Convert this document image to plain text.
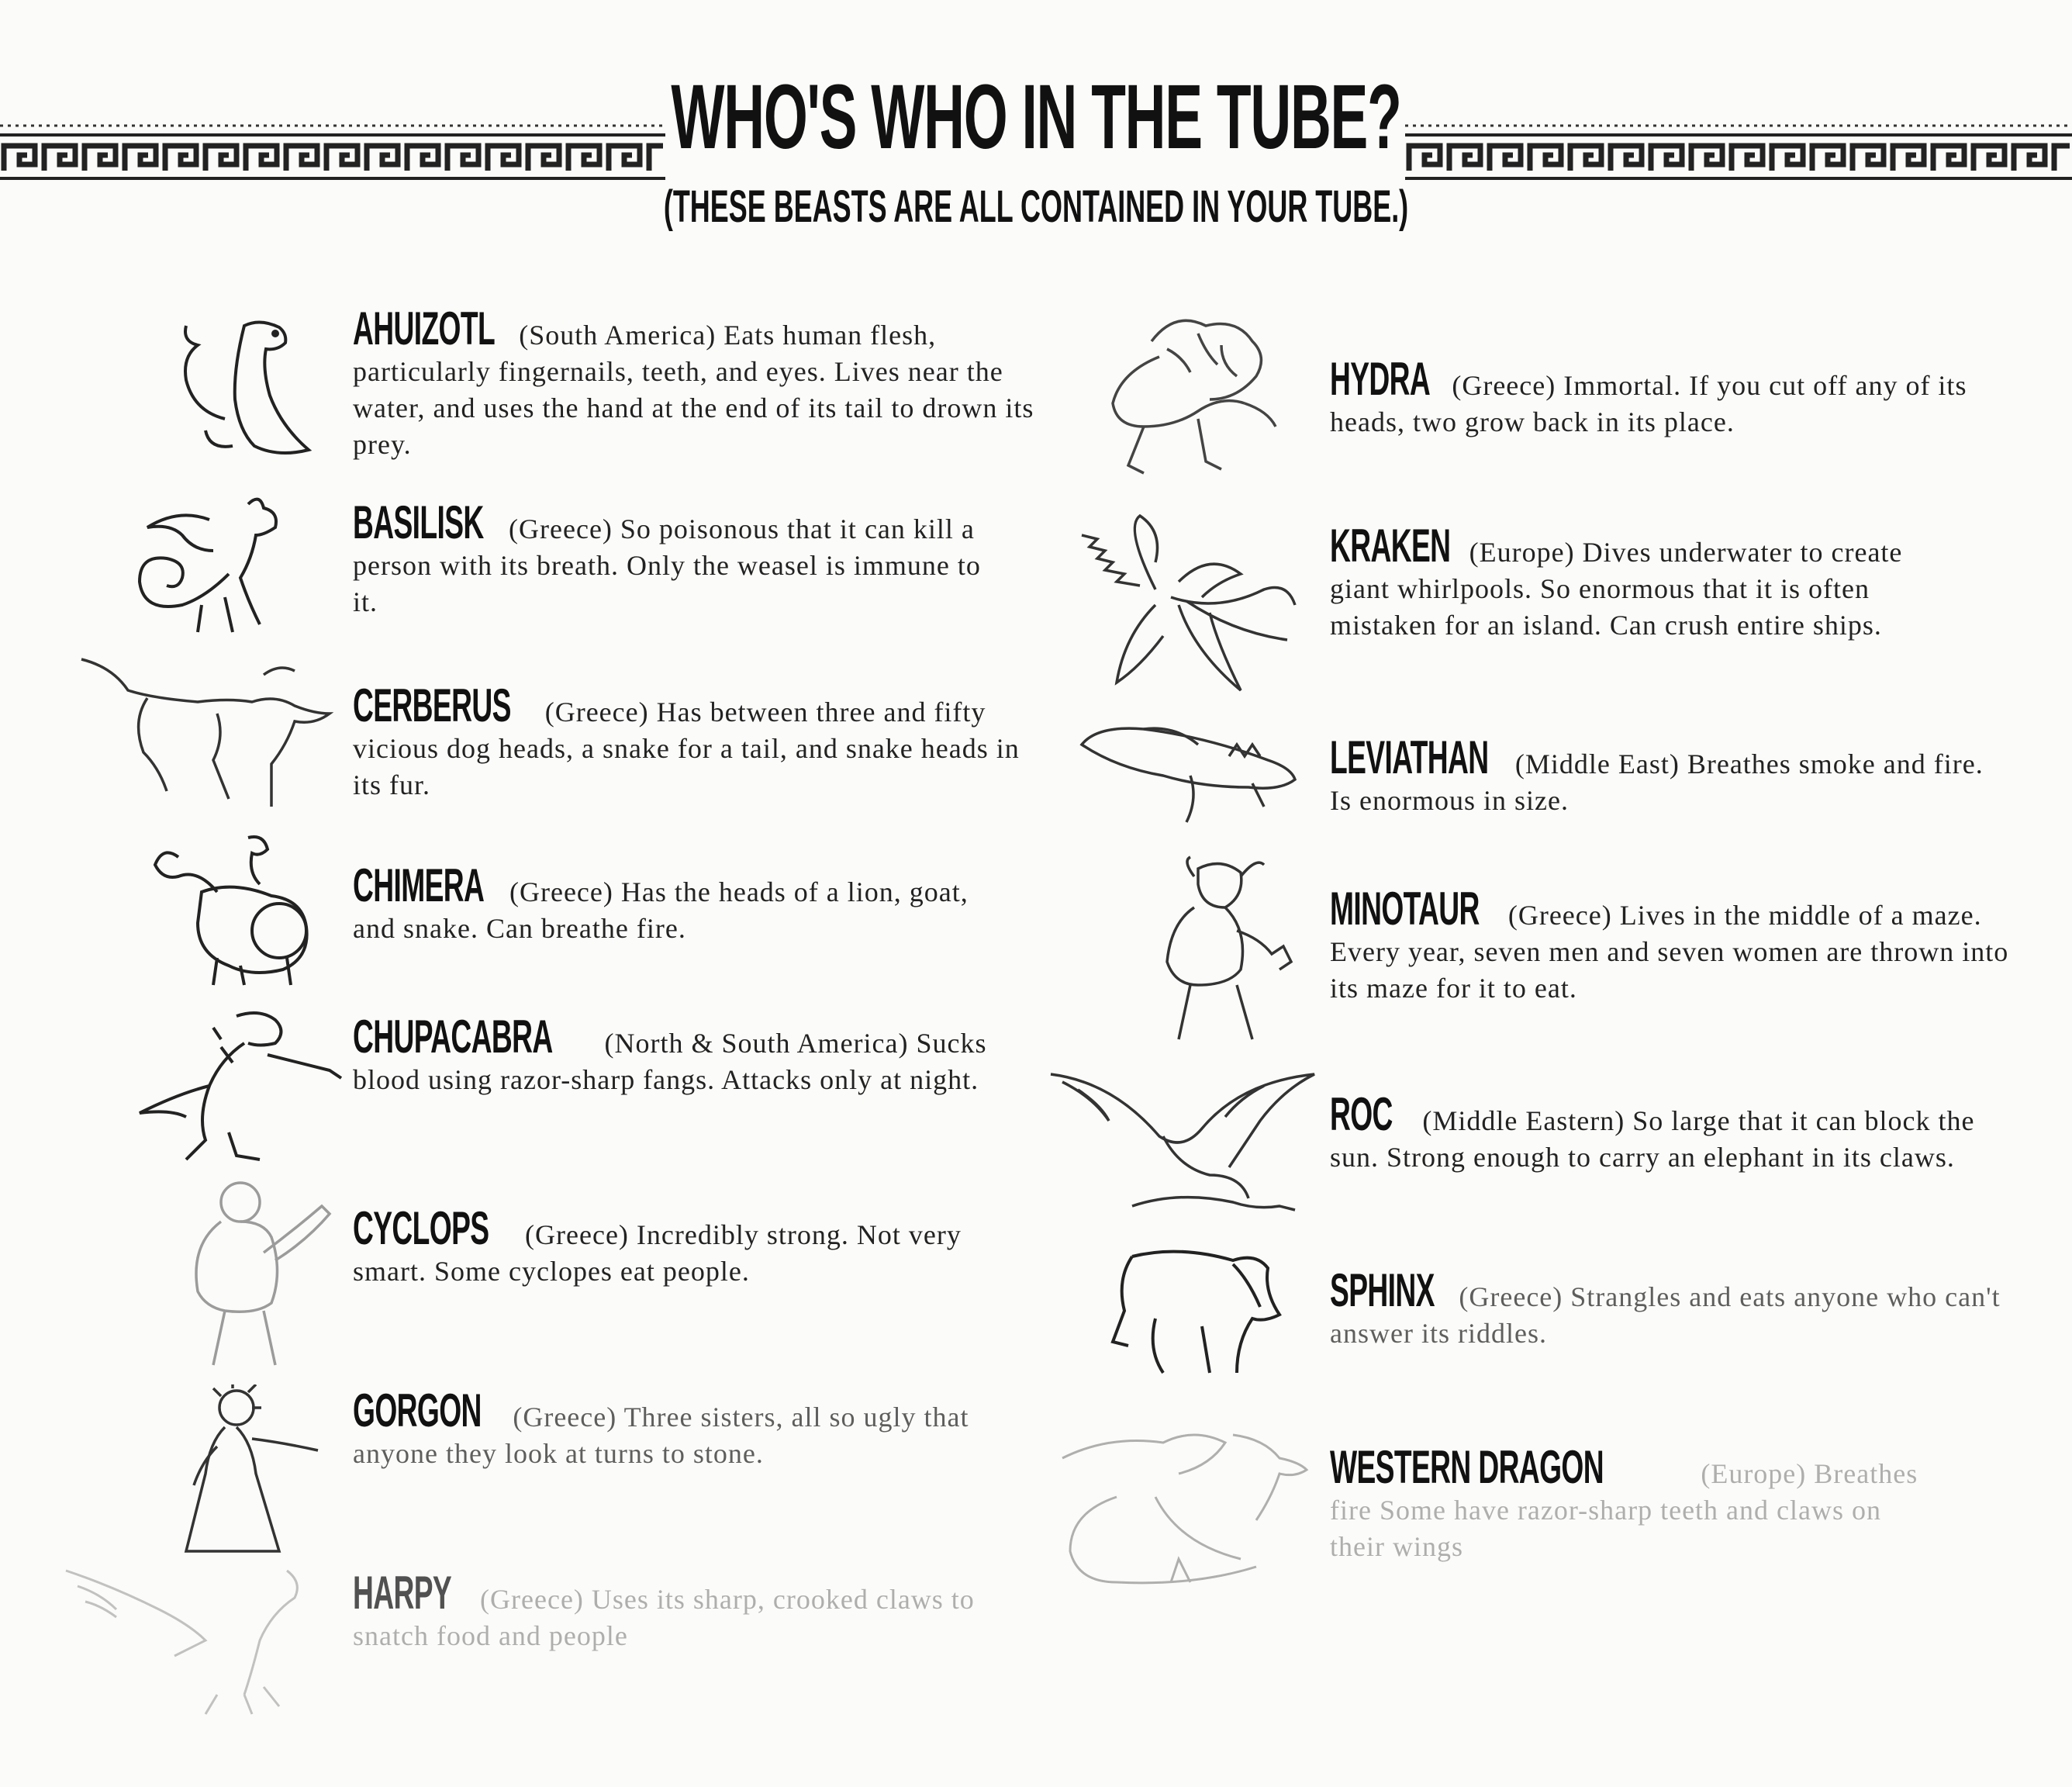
WHO'S WHO IN THE TUBE?
(THESE BEASTS ARE ALL CONTAINED IN YOUR TUBE.)
AHUIZOTL (South America) Eats human flesh, particularly fingernails, teeth, and eyes. Lives near the water, and uses the hand at the end of its tail to drown its prey.
BASILISK (Greece) So poisonous that it can kill a person with its breath. Only the weasel is immune to it.
CERBERUS (Greece) Has between three and fifty vicious dog heads, a snake for a tail, and snake heads in its fur.
CHIMERA (Greece) Has the heads of a lion, goat, and snake. Can breathe fire.
CHUPACABRA (North & South America) Sucks blood using razor-sharp fangs. Attacks only at night.
CYCLOPS (Greece) Incredibly strong. Not very smart. Some cyclopes eat people.
GORGON (Greece) Three sisters, all so ugly that anyone they look at turns to stone.
HARPY (Greece) Uses its sharp, crooked claws to snatch food and people
HYDRA (Greece) Immortal. If you cut off any of its heads, two grow back in its place.
KRAKEN (Europe) Dives underwater to create giant whirlpools. So enormous that it is often mistaken for an island. Can crush entire ships.
LEVIATHAN (Middle East) Breathes smoke and fire. Is enormous in size.
MINOTAUR (Greece) Lives in the middle of a maze. Every year, seven men and seven women are thrown into its maze for it to eat.
ROC (Middle Eastern) So large that it can block the sun. Strong enough to carry an elephant in its claws.
SPHINX (Greece) Strangles and eats anyone who can't answer its riddles.
WESTERN DRAGON	(Europe) Breathes fire Some have razor-sharp teeth and claws on their wings
